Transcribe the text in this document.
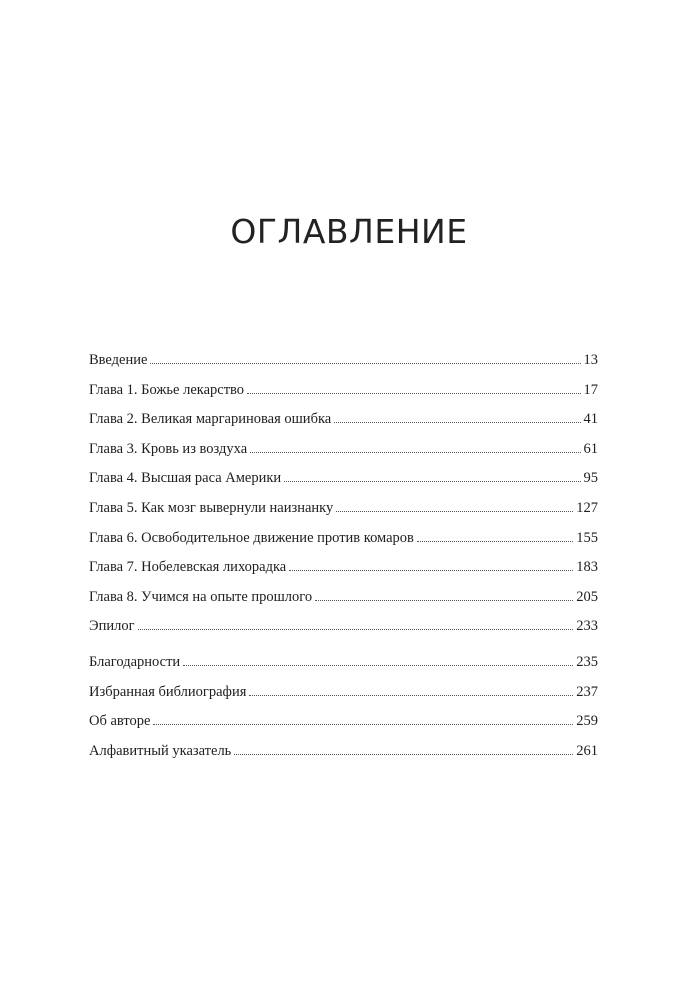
ОГЛАВЛЕНИЕ
Введение	13
Глава 1. Божье лекарство	17
Глава 2. Великая маргариновая ошибка	41
Глава 3. Кровь из воздуха	61
Глава 4. Высшая раса Америки	95
Глава 5. Как мозг вывернули наизнанку	127
Глава 6. Освободительное движение против комаров	155
Глава 7. Нобелевская лихорадка	183
Глава 8. Учимся на опыте прошлого	205
Эпилог	233
Благодарности	235
Избранная библиография	237
Об авторе	259
Алфавитный указатель	261
